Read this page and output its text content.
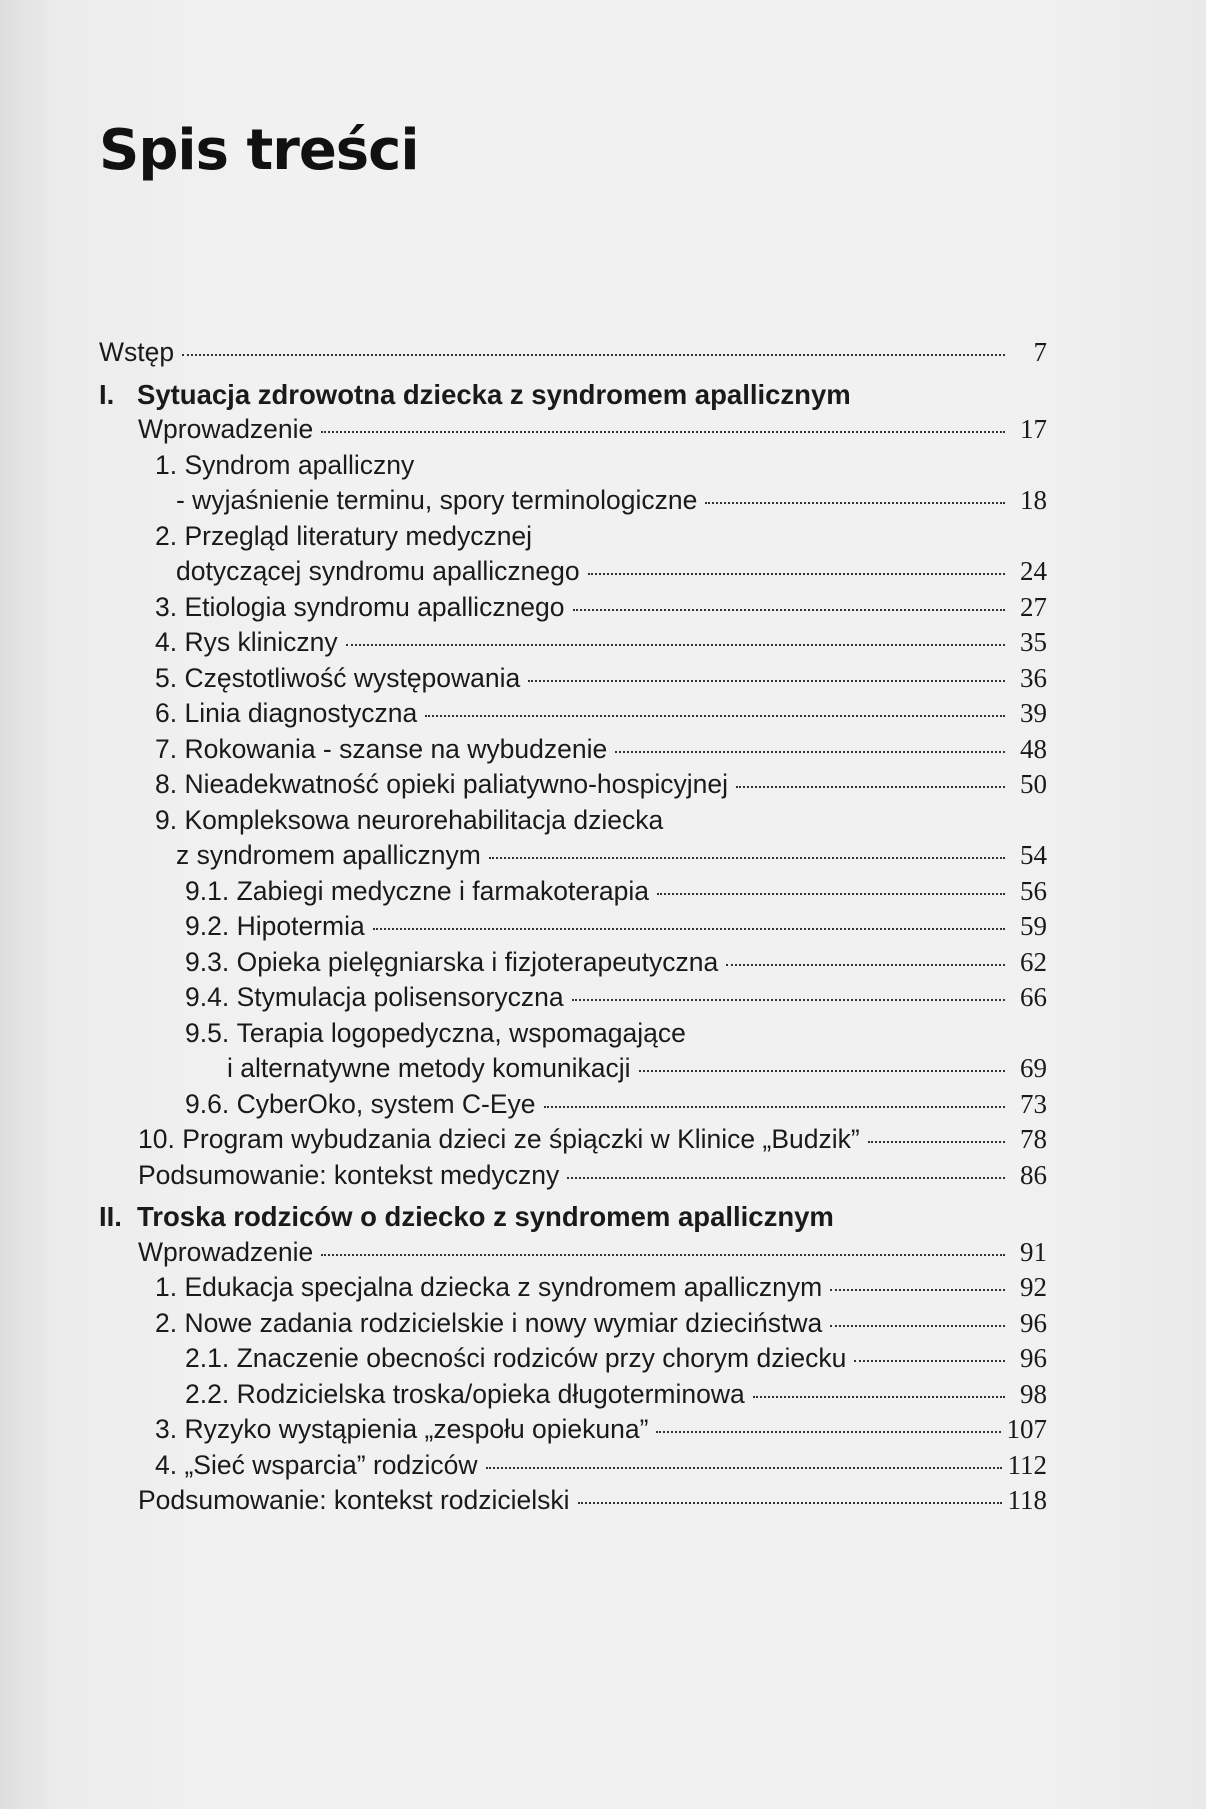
Spis treści
Wstęp	7
I. Sytuacja zdrowotna dziecka z syndromem apallicznym
Wprowadzenie	17
1. Syndrom apalliczny
- wyjaśnienie terminu, spory terminologiczne	18
2. Przegląd literatury medycznej
dotyczącej syndromu apallicznego	24
3. Etiologia syndromu apallicznego	27
4. Rys kliniczny	35
5. Częstotliwość występowania	36
6. Linia diagnostyczna	39
7. Rokowania - szanse na wybudzenie	48
8. Nieadekwatność opieki paliatywno-hospicyjnej	50
9. Kompleksowa neurorehabilitacja dziecka
z syndromem apallicznym	54
9.1. Zabiegi medyczne i farmakoterapia	56
9.2. Hipotermia	59
9.3. Opieka pielęgniarska i fizjoterapeutyczna	62
9.4. Stymulacja polisensoryczna	66
9.5. Terapia logopedyczna, wspomagające
i alternatywne metody komunikacji	69
9.6. CyberOko, system C-Eye	73
10. Program wybudzania dzieci ze śpiączki w Klinice „Budzik”	78
Podsumowanie: kontekst medyczny	86
II. Troska rodziców o dziecko z syndromem apallicznym
Wprowadzenie	91
1. Edukacja specjalna dziecka z syndromem apallicznym	92
2. Nowe zadania rodzicielskie i nowy wymiar dzieciństwa	96
2.1. Znaczenie obecności rodziców przy chorym dziecku	96
2.2. Rodzicielska troska/opieka długoterminowa	98
3. Ryzyko wystąpienia „zespołu opiekuna”	107
4. „Sieć wsparcia” rodziców	112
Podsumowanie: kontekst rodzicielski	118
